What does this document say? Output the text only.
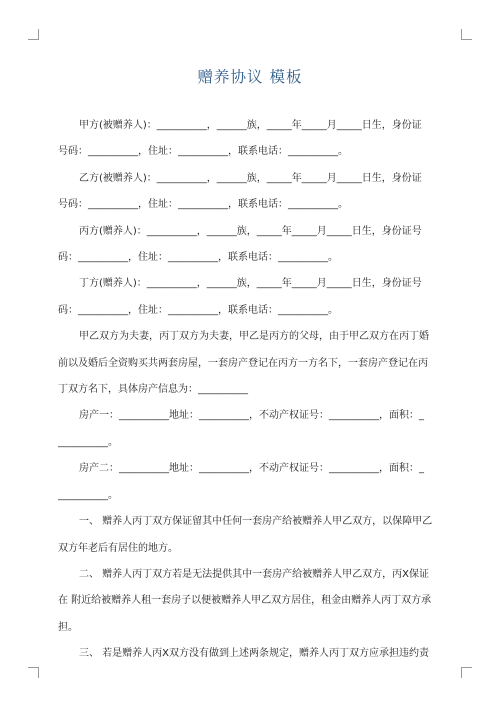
赠养协议 模板

甲方(被赠养人)：__________，______族，_____年_____月_____日生，身份证

号码：__________，住址：__________，联系电话：__________。

乙方(被赠养人)：__________，______族，_____年_____月_____日生，身份证

号码：__________，住址：__________，联系电话：__________。

丙方(赠养人)：__________，______族，_____年_____月_____日生，身份证号

码：__________，住址：__________，联系电话：__________。

丁方(赠养人)：__________，______族，_____年_____月_____日生，身份证号

码：__________，住址：__________，联系电话：__________。

甲乙双方为夫妻，丙丁双方为夫妻，甲乙是丙方的父母，由于甲乙双方在丙丁婚

前以及婚后全资购买共两套房屋，一套房产登记在丙方一方名下，一套房产登记在丙

丁双方名下，具体房产信息为：__________

房产一：__________地址：__________，不动产权证号：__________，面积：_

__________。

房产二：__________地址：__________，不动产权证号：__________，面积：_

__________。

一、 赠养人丙丁双方保证留其中任何一套房产给被赠养人甲乙双方，以保障甲乙

双方年老后有居住的地方。

二、 赠养人丙丁双方若是无法提供其中一套房产给被赠养人甲乙双方，丙X保证

在 附近给被赠养人租一套房子以便被赠养人甲乙双方居住，租金由赠养人丙丁双方承

担。

三、 若是赠养人丙X双方没有做到上述两条规定，赠养人丙丁双方应承担违约责
